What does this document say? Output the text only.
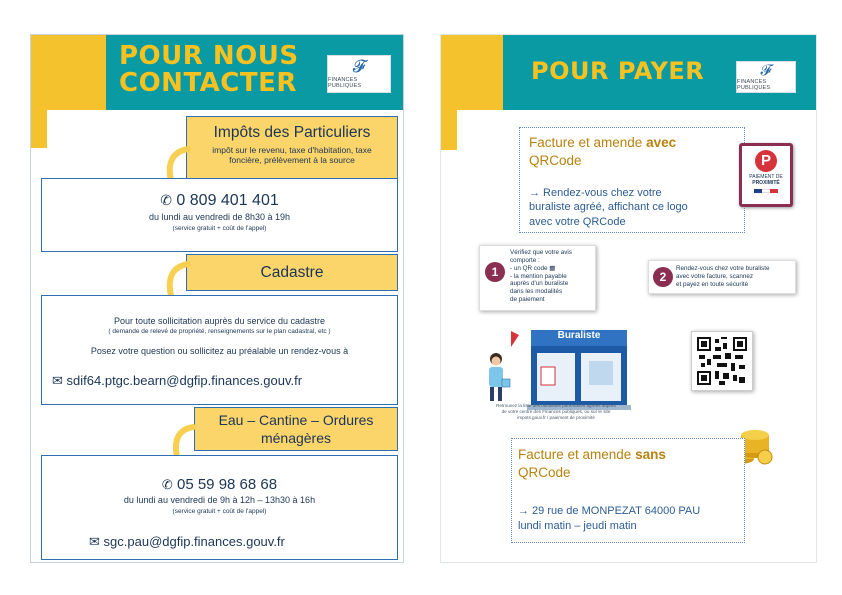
POUR NOUS
CONTACTER
𝓕
FINANCES PUBLIQUES
Impôts des Particuliers
impôt sur le revenu, taxe d'habitation, taxe
foncière, prélèvement à la source
✆ 0 809 401 401
du lundi au vendredi de 8h30 à 19h
(service gratuit + coût de l'appel)
Cadastre
Pour toute sollicitation auprès du service du cadastre
( demande de relevé de propriété, renseignements sur le plan cadastral, etc )
Posez votre question ou sollicitez au préalable un rendez-vous à
✉ sdif64.ptgc.bearn@dgfip.finances.gouv.fr
Eau – Cantine – Ordures
ménagères
✆ 05 59 98 68 68
du lundi au vendredi de 9h à 12h – 13h30 à 16h
(service gratuit + coût de l'appel)
✉ sgc.pau@dgfip.finances.gouv.fr
POUR PAYER	𝓕
FINANCES PUBLIQUES
Facture et amende avec
QRCode
→ Rendez-vous chez votre
buraliste agréé, affichant ce logo
avec votre QRCode
P
PAIEMENT DE
PROXIMITÉ
1
Vérifiez que votre avis
comporte :
- un QR code ▦
- la mention payable
auprès d'un buraliste
dans les modalités
de paiement
2
Rendez-vous chez votre buraliste
avec votre facture, scannez
et payez en toute sécurité
Buraliste
Retrouvez la liste des buralistes partenaires agréés auprès
de votre centre des Finances publiques, ou sur le site
impots.gouv.fr / paiement de proximité
Facture et amende sans
QRCode
→ 29 rue de MONPEZAT 64000 PAU
lundi matin – jeudi matin
